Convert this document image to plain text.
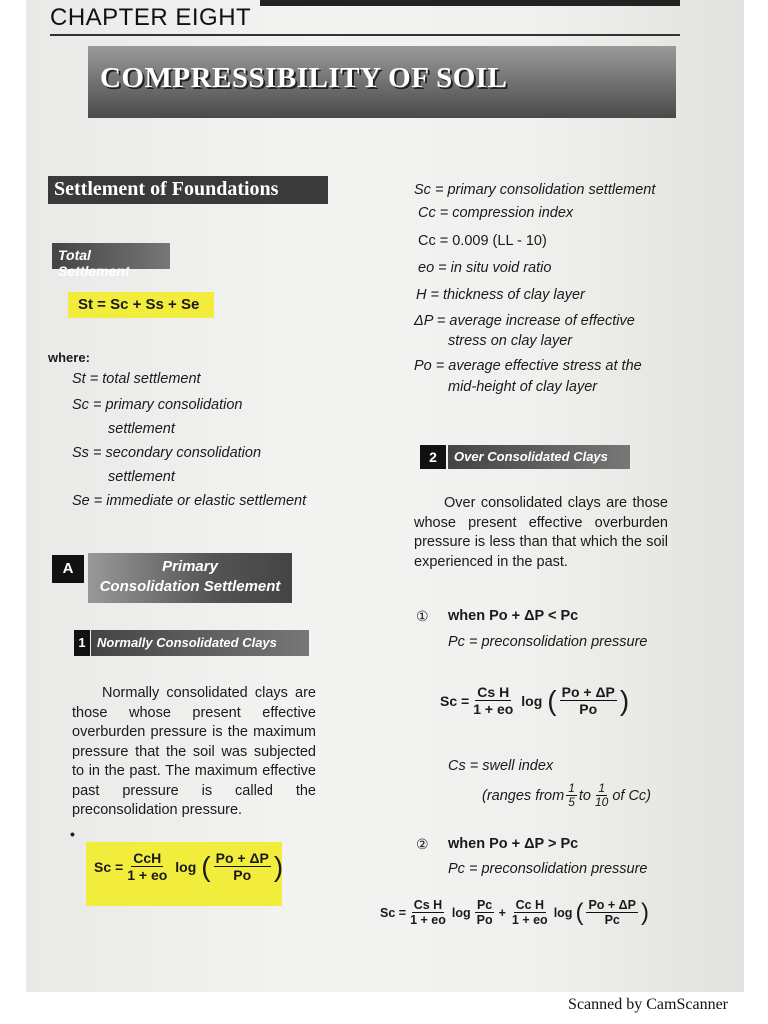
CHAPTER EIGHT
COMPRESSIBILITY OF SOIL
Settlement of Foundations
Total Settlement
St = Sc + Ss + Se
where:
St = total settlement
Sc = primary consolidation
settlement
Ss = secondary consolidation
settlement
Se = immediate or elastic settlement
A	Primary
Consolidation Settlement
1 Normally Consolidated Clays
Normally consolidated clays are those whose present effective overburden pressure is the maximum pressure that the soil was subjected to in the past. The maximum effective past pressure is called the preconsolidation pressure.
•
$Sc = \frac{\text{CcH}}{1 + eo}$ log ( $\frac{Po + \Delta P}{Po}$ )
Sc = primary consolidation settlement
Cc = compression index
Cc = 0.009 (LL - 10)
eo = in situ void ratio
H = thickness of clay layer
ΔP = average increase of effective
stress on clay layer
Po = average effective stress at the
mid-height of clay layer
2	Over Consolidated Clays
Over consolidated clays are those whose present effective overburden pressure is less than that which the soil experienced in the past.
① when Po + ΔP < Pc
Pc = preconsolidation pressure
$Sc = \frac{\text{Cs H}}{1 + eo}$ log ( $\frac{Po + \Delta P}{Po}$ )
Cs = swell index
(ranges from $\frac{1}{5}$ to $\frac{1}{10}$ of Cc)
② when Po + ΔP > Pc
Pc = preconsolidation pressure
$Sc = \frac{\text{Cs H}}{1 + eo}$ $\log \frac{Pc}{Po} + \frac{\text{Cc H}}{1 + eo}$ log ( $\frac{Po + \Delta P}{Pc}$ )
Scanned by CamScanner
